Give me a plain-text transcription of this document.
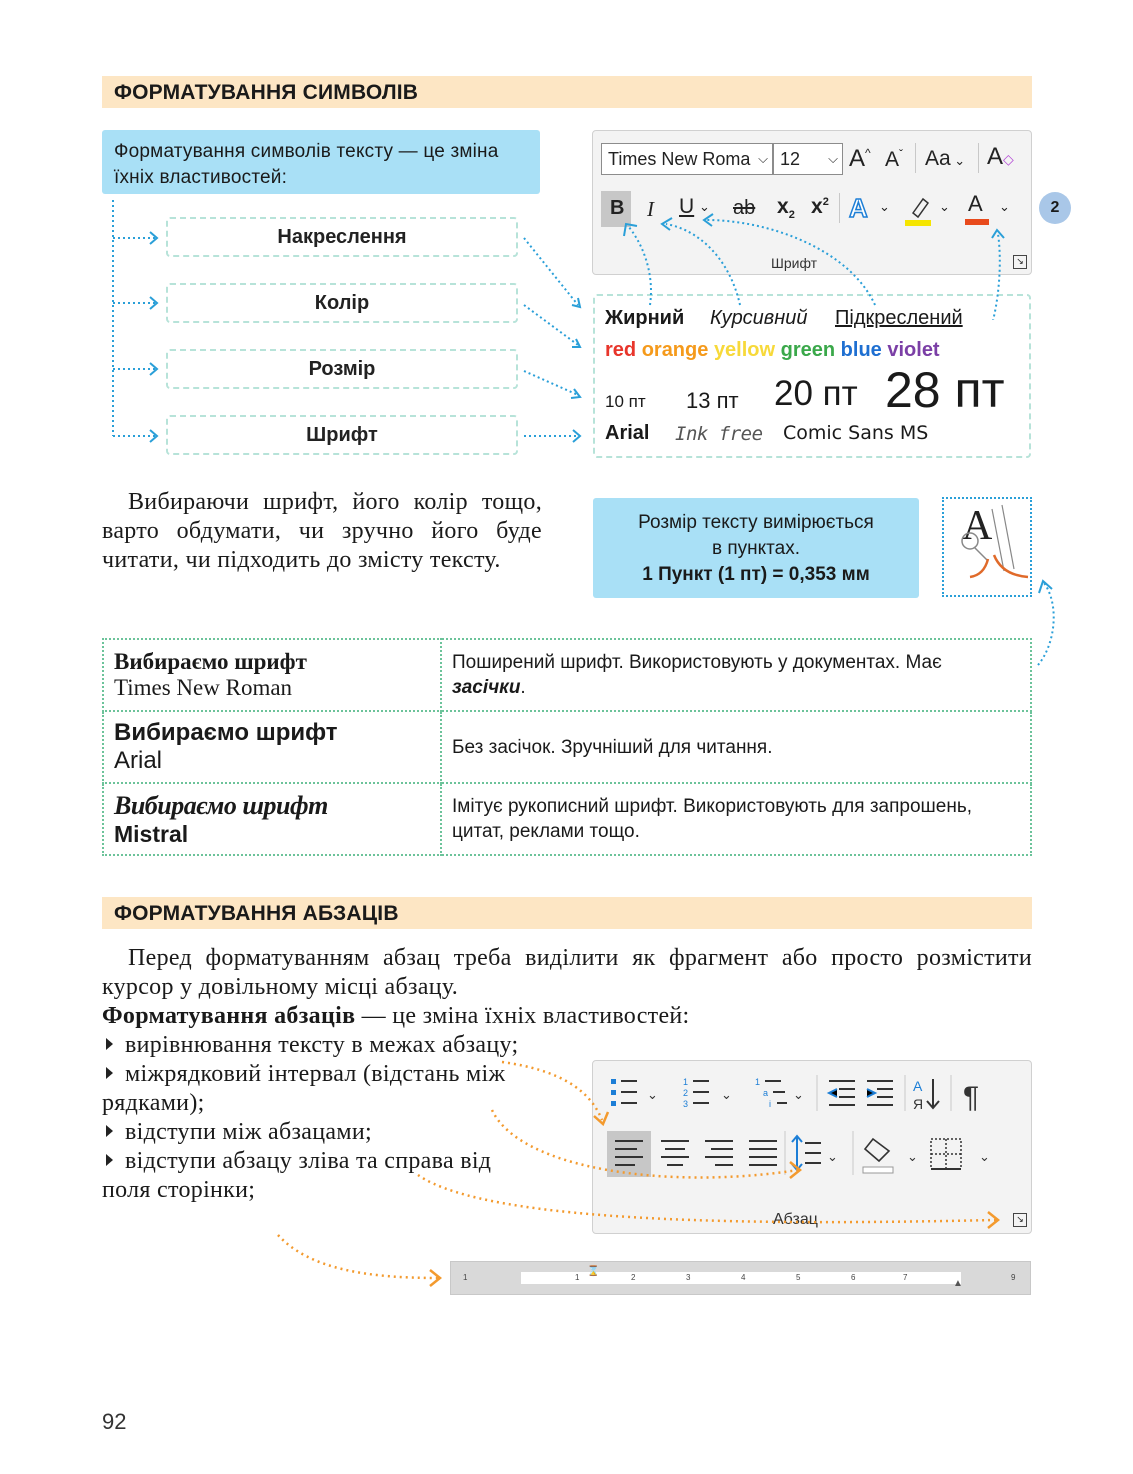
ФОРМАТУВАННЯ СИМВОЛІВ
Форматування символів тексту — це зміна їхніх властивостей:
Накреслення
Колір
Розмір
Шрифт
Times New Roma ⌵ 12 ⌵ A^ $A^ˇ$ Aa ⌄ A◇
B I U ⌄ ab $x_2$ $x^2$ A ⌄	⌄ A ⌄
Шрифт	↘
2
Жирний Курсивний Підкреслений
red orange yellow green blue violet
10 пт 13 пт 20 пт 28 пт
Arial Ink free Comic Sans MS
Вибираючи шрифт, його колір тощо, варто обдумати, чи зручно його буде читати, чи підходить до змісту тексту.
Розмір тексту вимірюється
в пунктах.
1 Пункт (1 пт) = 0,353 мм
A
Вибираємо шрифт
Times New Roman	Поширений шрифт. Використовують у документах. Має засічки.

Вибираємо шрифт
Arial	Без засічок. Зручніший для читання.

Вибираємо шрифт
Mistral	Імітує рукописний шрифт. Використовують для запрошень, цитат, реклами тощо.
ФОРМАТУВАННЯ АБЗАЦІВ
Перед форматуванням абзац треба виділити як фрагмент або просто розмістити курсор у довільному місці абзацу.
Форматування абзаців — це зміна їхніх властивостей:
вирівнювання тексту в межах абзацу;
міжрядковий інтервал (відстань між рядками);
відступи між абзацами;
відступи абзацу зліва та справа від поля сторінки;
⌄
1
2
3
⌄
1
a
i
⌄
A
Я ¶
⌄	⌄	⌄
Абзац	↘
1	1	2	3	4	5	6	7	9
⌛
▲
92
